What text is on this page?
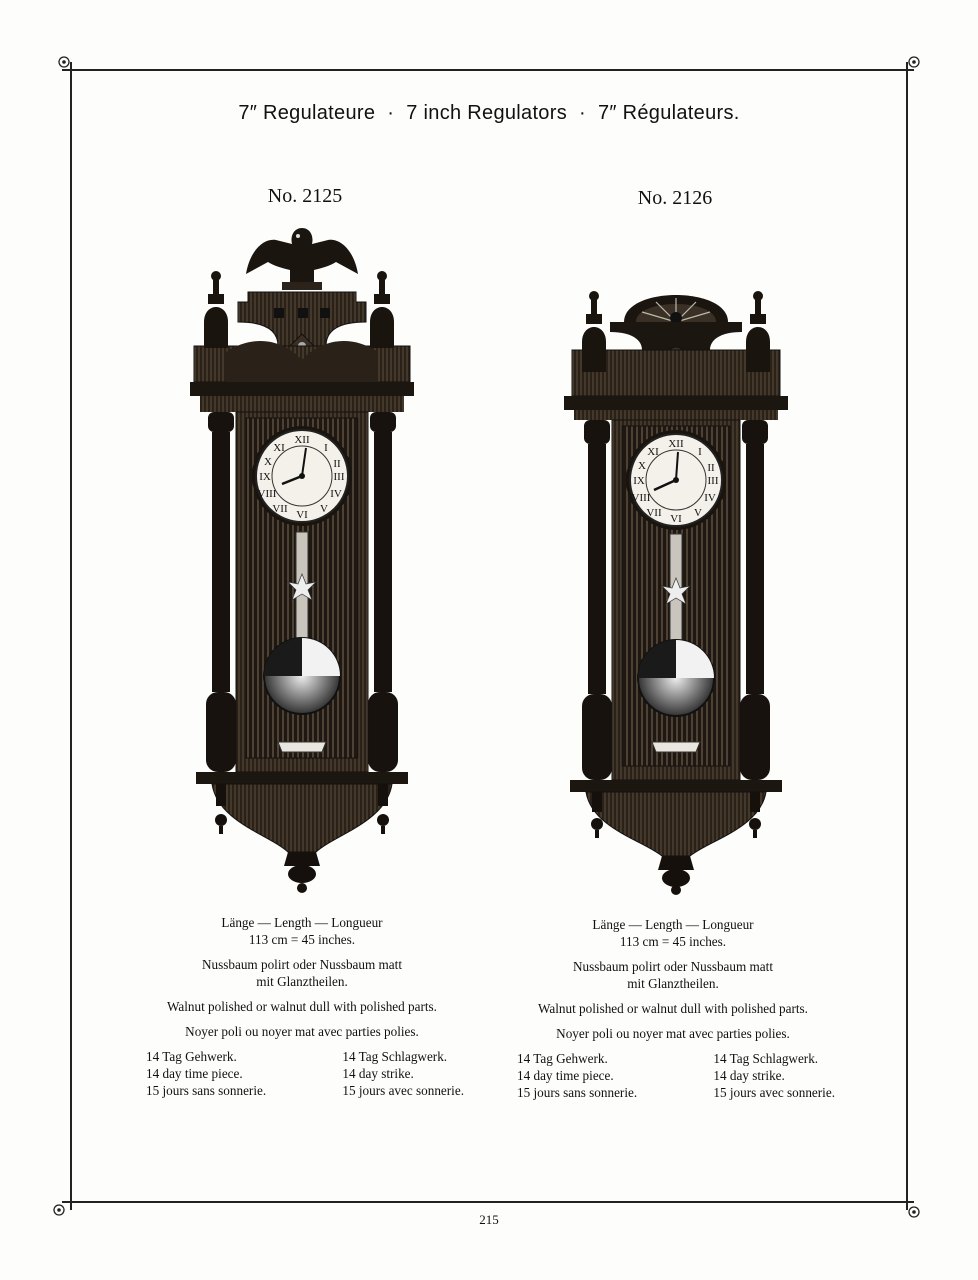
7″ Regulateure · 7 inch Regulators · 7″ Régulateurs.
No. 2125	No. 2126
XII
I
II
III
IV
V
VI
VII
VIII
IX
X
XI	XII
I
II
III
IV
V
VI
VII
VIII
IX
X
XI

Länge — Length — Longueur
113 cm = 45 inches.

Nussbaum polirt oder Nussbaum matt
mit Glanztheilen.

Walnut polished or walnut dull with polished parts.

Noyer poli ou noyer mat avec parties polies.

14 Tag Gehwerk.
14 day time piece.
15 jours sans sonnerie.
14 Tag Schlagwerk.
14 day strike.
15 jours avec sonnerie.

Länge — Length — Longueur
113 cm = 45 inches.

Nussbaum polirt oder Nussbaum matt
mit Glanztheilen.

Walnut polished or walnut dull with polished parts.

Noyer poli ou noyer mat avec parties polies.

14 Tag Gehwerk.
14 day time piece.
15 jours sans sonnerie.
14 Tag Schlagwerk.
14 day strike.
15 jours avec sonnerie.
215
